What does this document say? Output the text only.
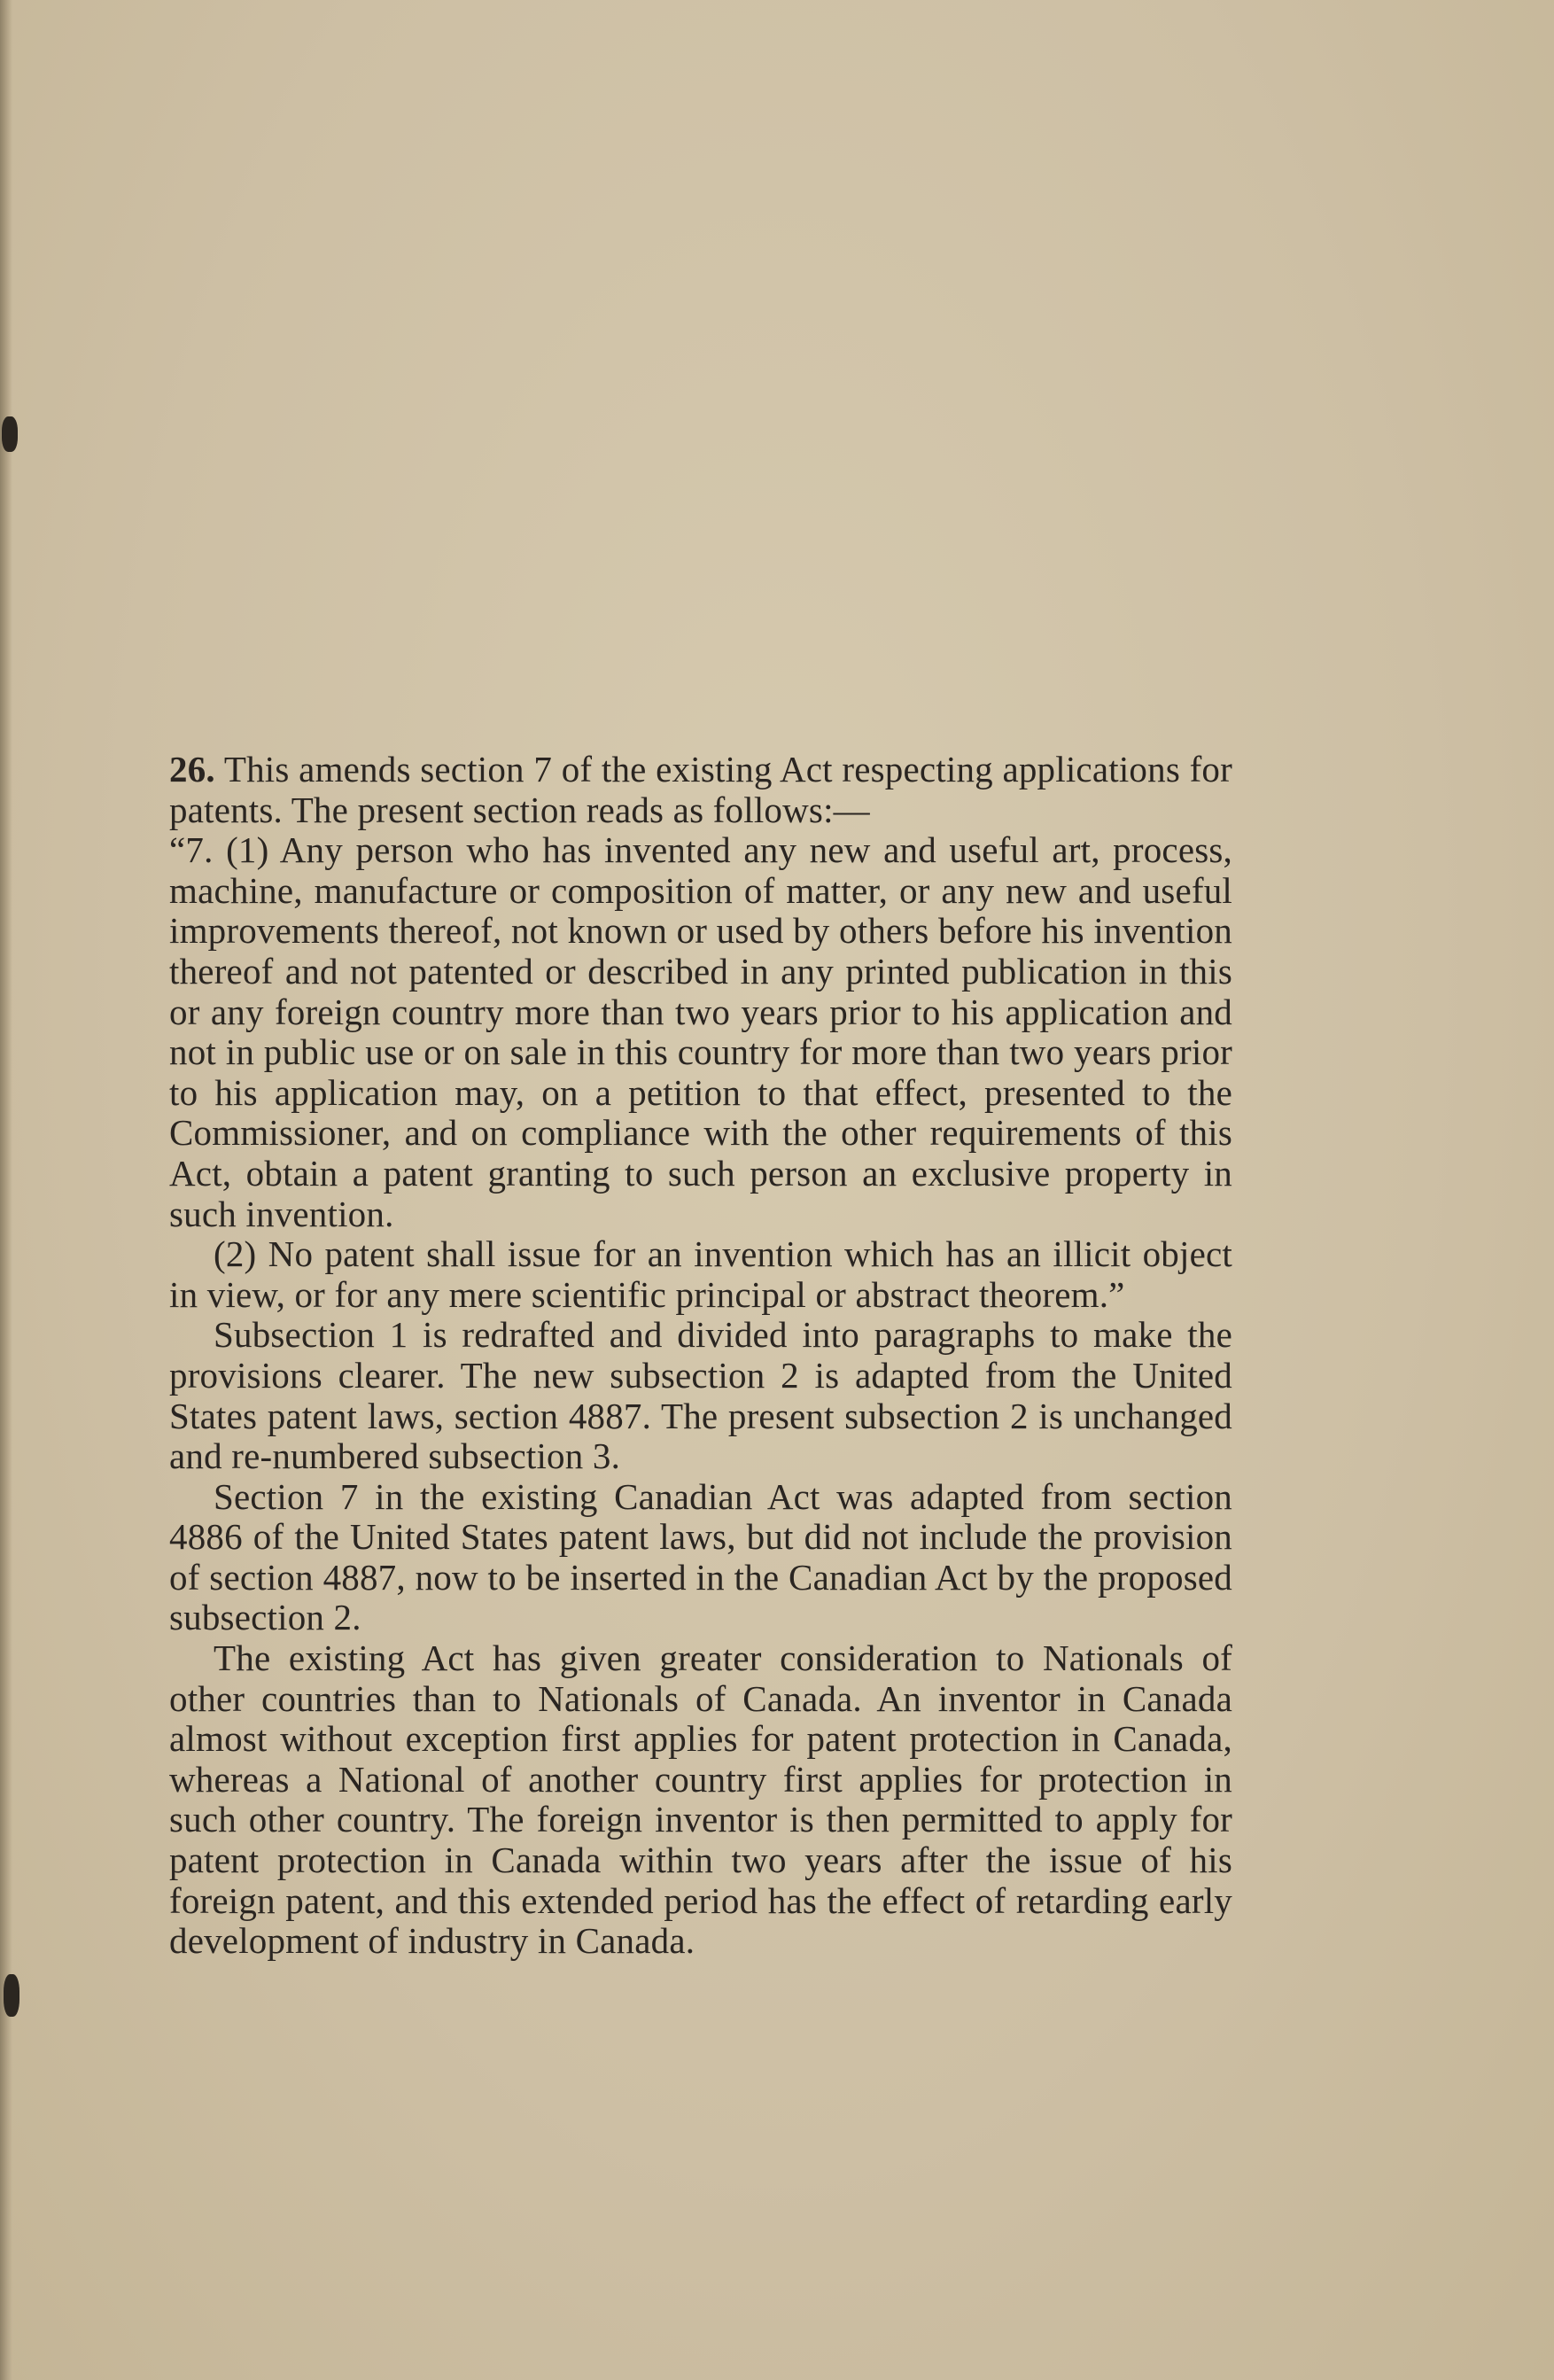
26. This amends section 7 of the existing Act respecting applications for patents. The present section reads as follows:—

“7. (1) Any person who has invented any new and useful art, process, machine, manufacture or composition of matter, or any new and useful improvements thereof, not known or used by others before his invention thereof and not patented or described in any printed publication in this or any foreign country more than two years prior to his application and not in public use or on sale in this country for more than two years prior to his application may, on a petition to that effect, presented to the Commissioner, and on compliance with the other requirements of this Act, obtain a patent granting to such person an exclusive property in such invention.

(2) No patent shall issue for an invention which has an illicit object in view, or for any mere scientific principal or abstract theorem.”

Subsection 1 is redrafted and divided into paragraphs to make the provisions clearer. The new subsection 2 is adapted from the United States patent laws, section 4887. The present subsection 2 is unchanged and re-numbered subsection 3.

Section 7 in the existing Canadian Act was adapted from section 4886 of the United States patent laws, but did not include the provision of section 4887, now to be inserted in the Canadian Act by the proposed subsection 2.

The existing Act has given greater consideration to Nationals of other countries than to Nationals of Canada. An inventor in Canada almost without exception first applies for patent protection in Canada, whereas a National of another country first applies for protection in such other country. The foreign inventor is then permitted to apply for patent protection in Canada within two years after the issue of his foreign patent, and this extended period has the effect of retarding early development of industry in Canada.
